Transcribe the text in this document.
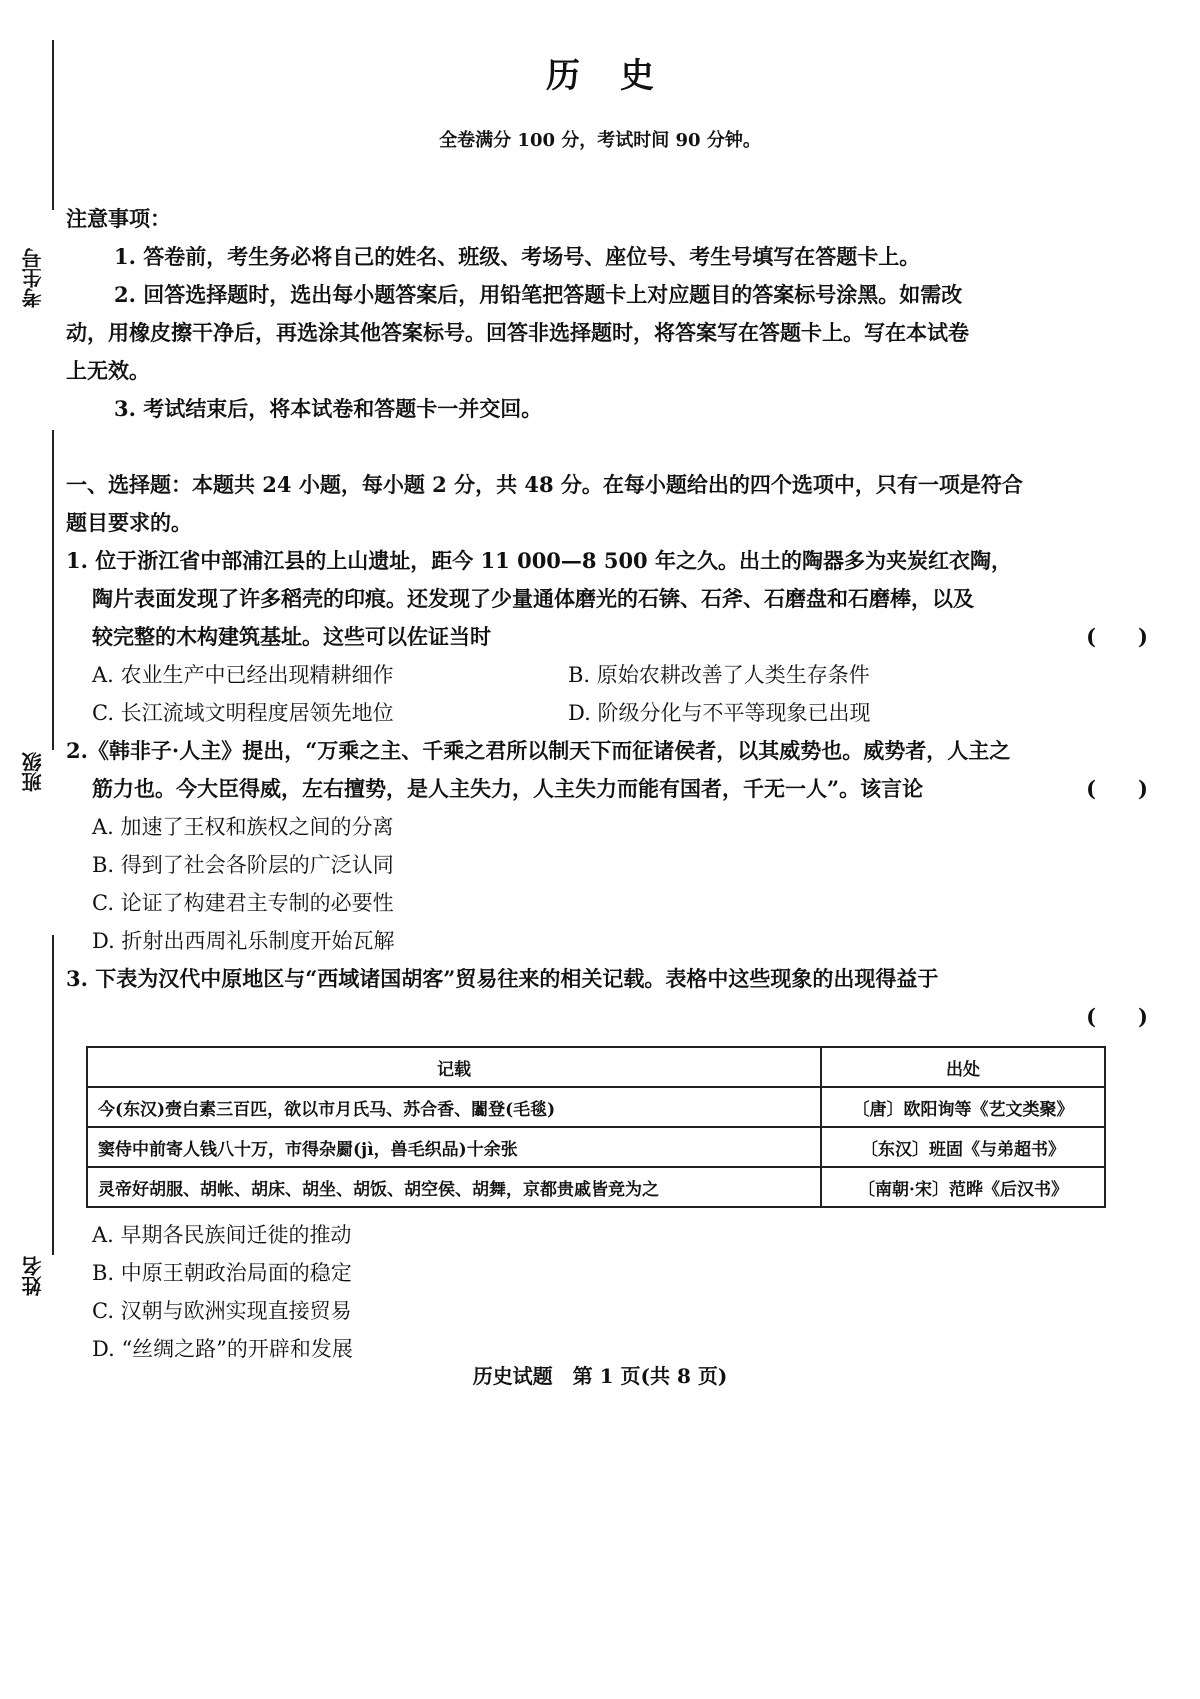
考生号
班级
姓名
历史
全卷满分 100 分，考试时间 90 分钟。
注意事项：
1. 答卷前，考生务必将自己的姓名、班级、考场号、座位号、考生号填写在答题卡上。
2. 回答选择题时，选出每小题答案后，用铅笔把答题卡上对应题目的答案标号涂黑。如需改
动，用橡皮擦干净后，再选涂其他答案标号。回答非选择题时，将答案写在答题卡上。写在本试卷
上无效。
3. 考试结束后，将本试卷和答题卡一并交回。
一、选择题：本题共 24 小题，每小题 2 分，共 48 分。在每小题给出的四个选项中，只有一项是符合
题目要求的。
1. 位于浙江省中部浦江县的上山遗址，距今 11 000—8 500 年之久。出土的陶器多为夹炭红衣陶，
陶片表面发现了许多稻壳的印痕。还发现了少量通体磨光的石锛、石斧、石磨盘和石磨棒，以及
较完整的木构建筑基址。这些可以佐证当时	(　　)
A. 农业生产中已经出现精耕细作	B. 原始农耕改善了人类生存条件
C. 长江流域文明程度居领先地位	D. 阶级分化与不平等现象已出现
2.《韩非子·人主》提出，“万乘之主、千乘之君所以制天下而征诸侯者，以其威势也。威势者，人主之
筋力也。今大臣得威，左右擅势，是人主失力，人主失力而能有国者，千无一人”。该言论	(　　)
A. 加速了王权和族权之间的分离
B. 得到了社会各阶层的广泛认同
C. 论证了构建君主专制的必要性
D. 折射出西周礼乐制度开始瓦解
3. 下表为汉代中原地区与“西域诸国胡客”贸易往来的相关记载。表格中这些现象的出现得益于
(　　)
记载	出处
今(东汉)赍白素三百匹，欲以市月氏马、苏合香、闟登(毛毯)	〔唐〕欧阳询等《艺文类聚》
窦侍中前寄人钱八十万，市得杂罽(jì，兽毛织品)十余张	〔东汉〕班固《与弟超书》
灵帝好胡服、胡帐、胡床、胡坐、胡饭、胡空侯、胡舞，京都贵戚皆竞为之	〔南朝·宋〕范晔《后汉书》
A. 早期各民族间迁徙的推动
B. 中原王朝政治局面的稳定
C. 汉朝与欧洲实现直接贸易
D. “丝绸之路”的开辟和发展
历史试题　第 1 页(共 8 页)
